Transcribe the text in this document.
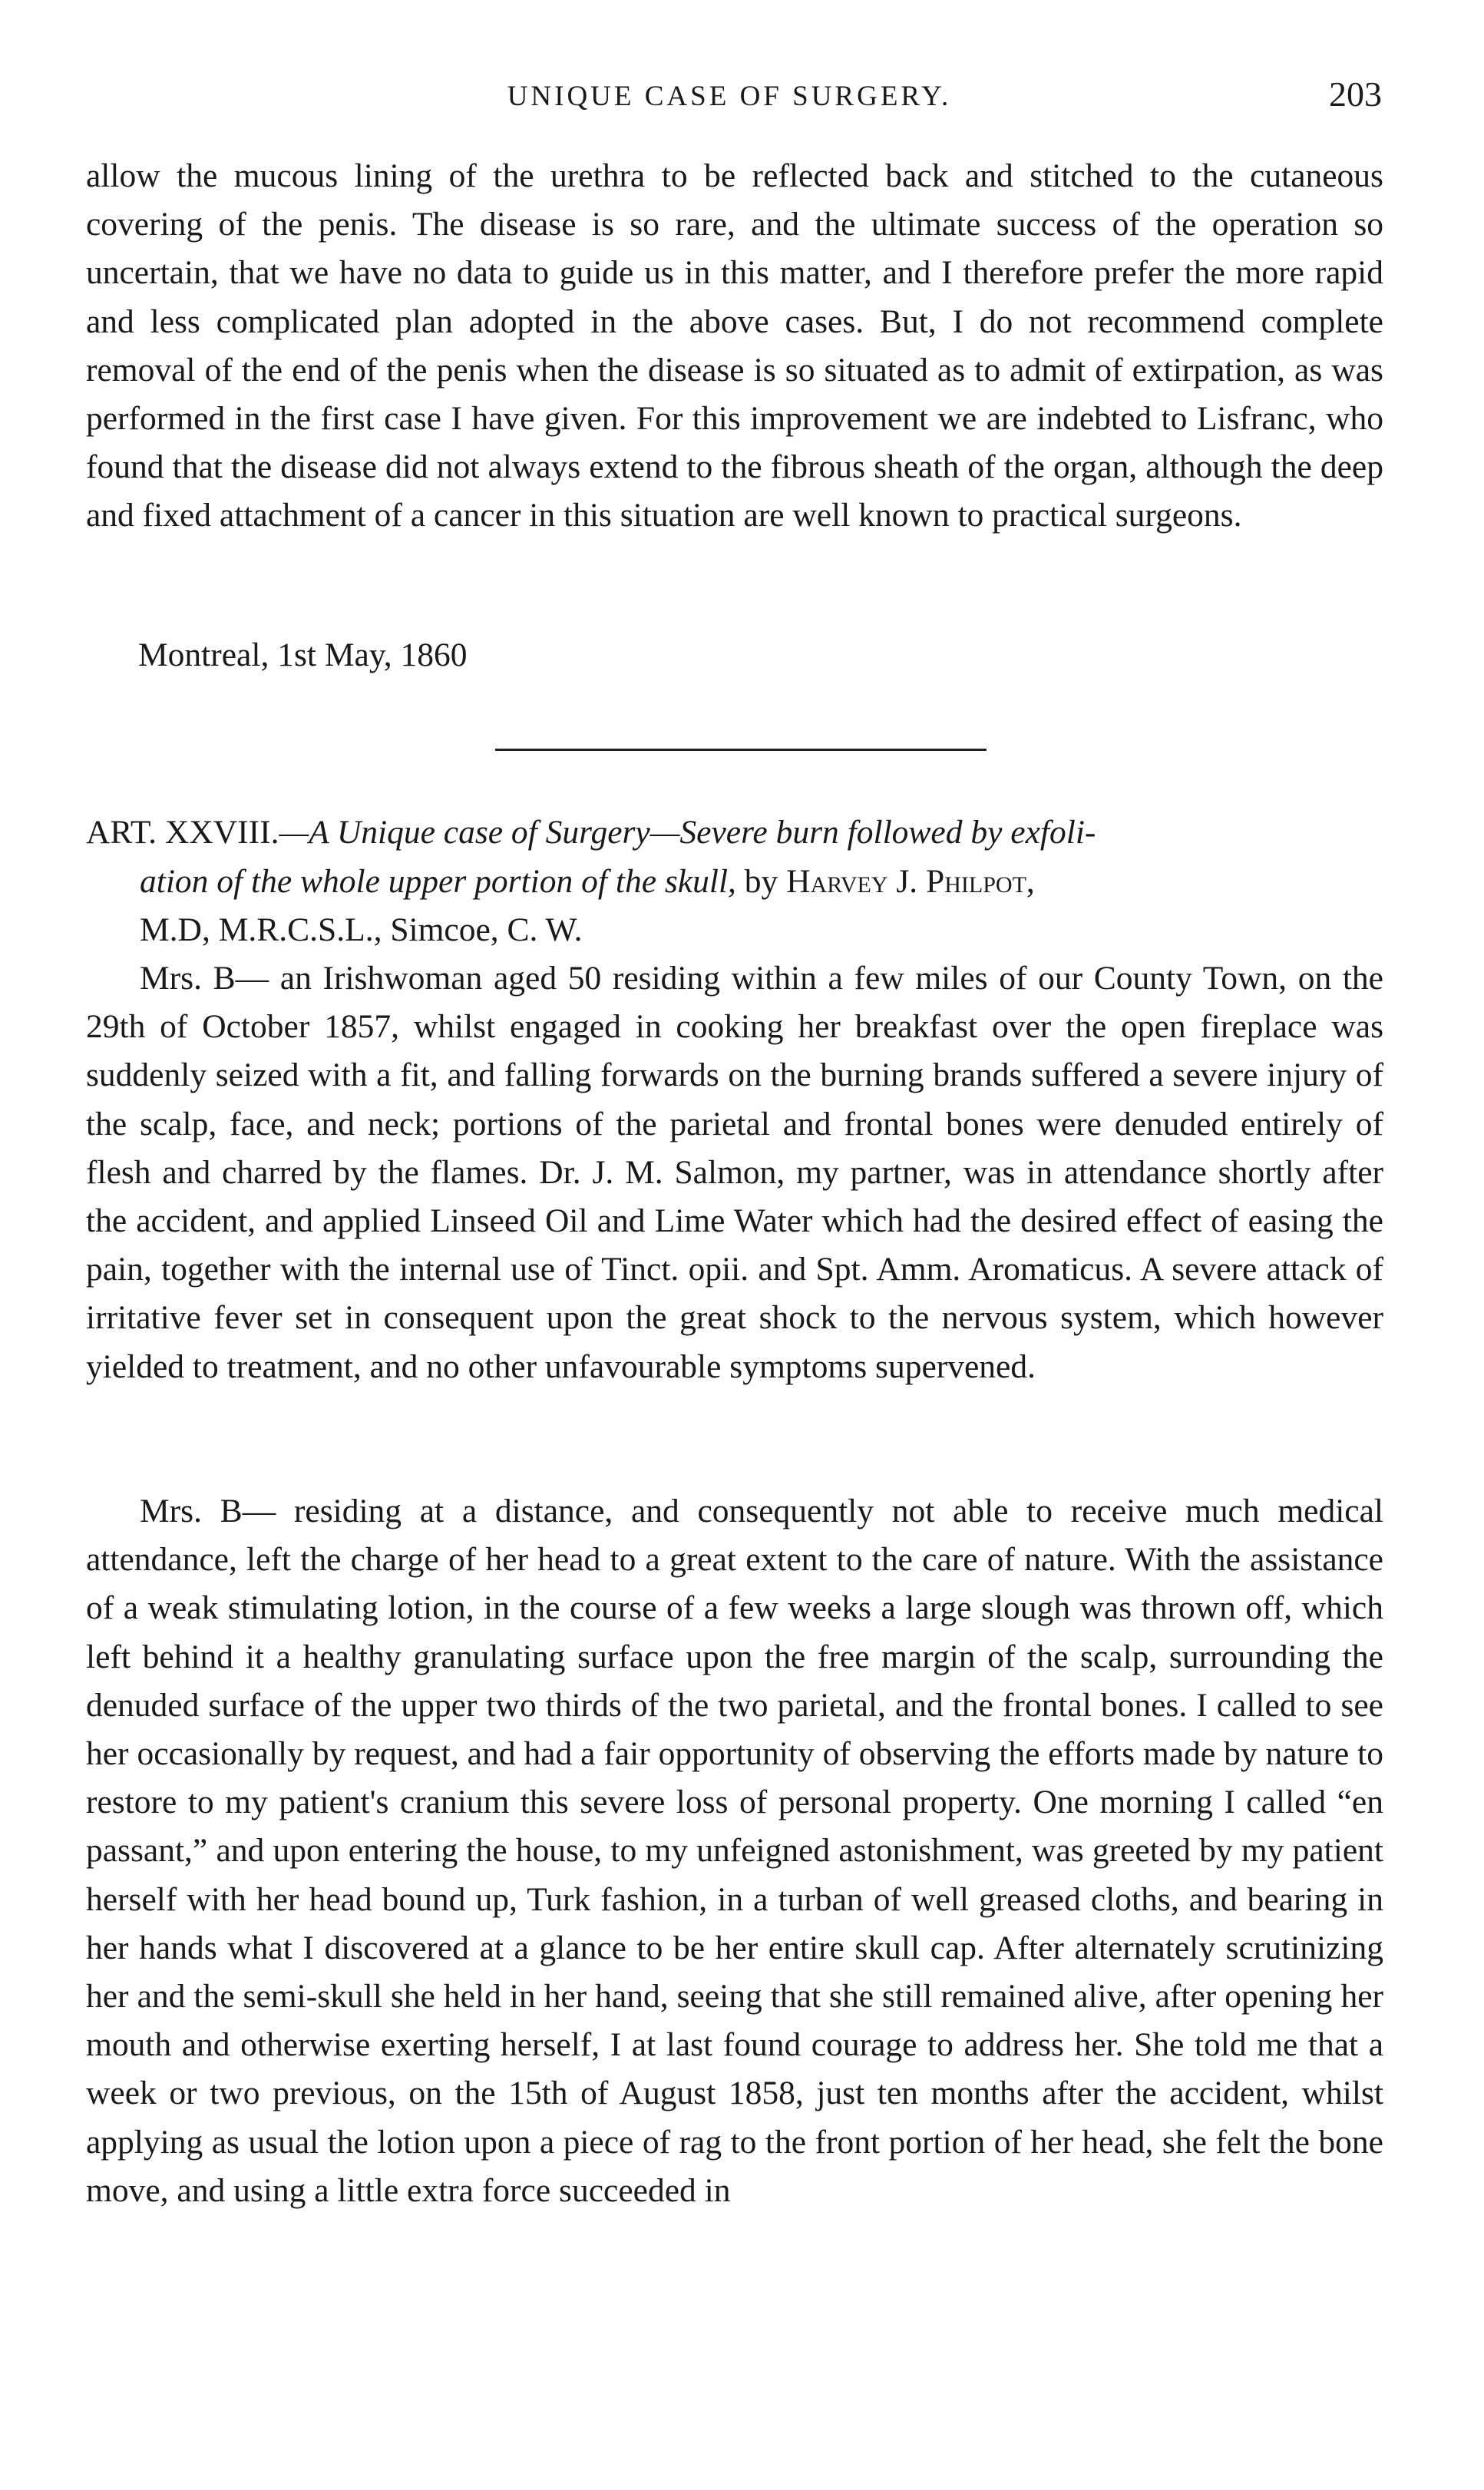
UNIQUE CASE OF SURGERY.	203

allow the mucous lining of the urethra to be reflected back and stitched to the cutaneous covering of the penis. The disease is so rare, and the ultimate success of the operation so uncertain, that we have no data to guide us in this matter, and I therefore prefer the more rapid and less complicated plan adopted in the above cases. But, I do not recommend complete removal of the end of the penis when the disease is so situated as to admit of extirpation, as was performed in the first case I have given. For this improvement we are indebted to Lisfranc, who found that the disease did not always extend to the fibrous sheath of the organ, although the deep and fixed attachment of a cancer in this situation are well known to practical surgeons.

Montreal, 1st May, 1860

ART. XXVIII.—A Unique case of Surgery—Severe burn followed by exfoli-
ation of the whole upper portion of the skull, by Harvey J. Philpot,
M.D, M.R.C.S.L., Simcoe, C. W.

Mrs. B— an Irishwoman aged 50 residing within a few miles of our County Town, on the 29th of October 1857, whilst engaged in cooking her breakfast over the open fireplace was suddenly seized with a fit, and falling forwards on the burning brands suffered a severe injury of the scalp, face, and neck; portions of the parietal and frontal bones were denuded entirely of flesh and charred by the flames. Dr. J. M. Salmon, my partner, was in attendance shortly after the accident, and applied Linseed Oil and Lime Water which had the desired effect of easing the pain, together with the internal use of Tinct. opii. and Spt. Amm. Aromaticus. A severe attack of irritative fever set in consequent upon the great shock to the nervous system, which however yielded to treatment, and no other unfavourable symptoms supervened.

Mrs. B— residing at a distance, and consequently not able to receive much medical attendance, left the charge of her head to a great extent to the care of nature. With the assistance of a weak stimulating lotion, in the course of a few weeks a large slough was thrown off, which left behind it a healthy granulating surface upon the free margin of the scalp, surrounding the denuded surface of the upper two thirds of the two parietal, and the frontal bones. I called to see her occasionally by request, and had a fair opportunity of observing the efforts made by nature to restore to my patient's cranium this severe loss of personal property. One morning I called “en passant,” and upon entering the house, to my unfeigned astonishment, was greeted by my patient herself with her head bound up, Turk fashion, in a turban of well greased cloths, and bearing in her hands what I discovered at a glance to be her entire skull cap. After alternately scrutinizing her and the semi-skull she held in her hand, seeing that she still remained alive, after opening her mouth and otherwise exerting herself, I at last found courage to address her. She told me that a week or two previous, on the 15th of August 1858, just ten months after the accident, whilst applying as usual the lotion upon a piece of rag to the front portion of her head, she felt the bone move, and using a little extra force succeeded in
